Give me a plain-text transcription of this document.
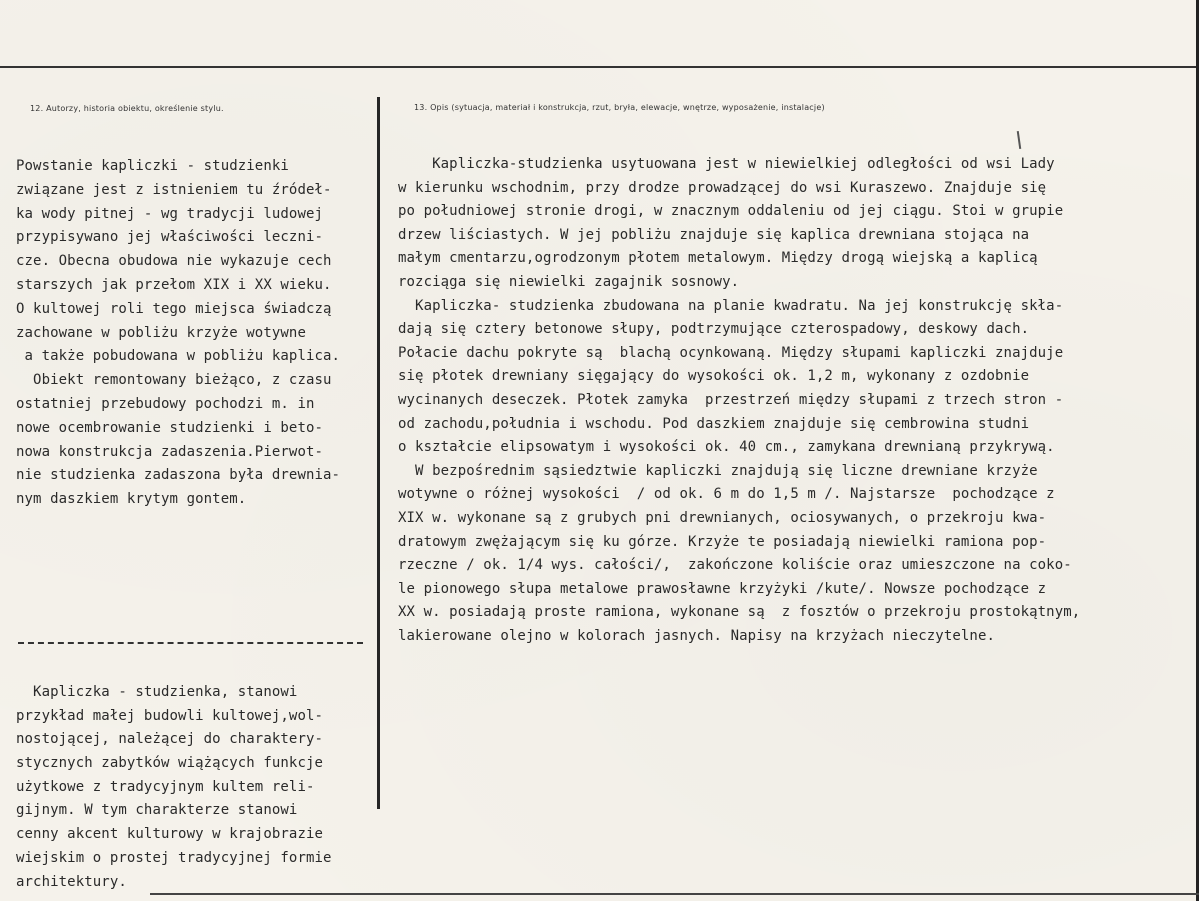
12. Autorzy, historia obiektu, określenie stylu.	13. Opis (sytuacja, materiał i konstrukcja, rzut, bryła, elewacje, wnętrze, wyposażenie, instalacje)
Powstanie kapliczki - studzienki
związane jest z istnieniem tu źródeł-
ka wody pitnej - wg tradycji ludowej
przypisywano jej właściwości leczni-
cze. Obecna obudowa nie wykazuje cech
starszych jak przełom XIX i XX wieku.
O kultowej roli tego miejsca świadczą
zachowane w pobliżu krzyże wotywne
a także pobudowana w pobliżu kaplica.
Obiekt remontowany bieżąco, z czasu
ostatniej przebudowy pochodzi m. in
nowe ocembrowanie studzienki i beto-
nowa konstrukcja zadaszenia.Pierwot-
nie studzienka zadaszona była drewnia-
nym daszkiem krytym gontem.
Kapliczka - studzienka, stanowi
przykład małej budowli kultowej,wol-
nostojącej, należącej do charaktery-
stycznych zabytków wiążących funkcje
użytkowe z tradycyjnym kultem reli-
gijnym. W tym charakterze stanowi
cenny akcent kulturowy w krajobrazie
wiejskim o prostej tradycyjnej formie
architektury.
Kapliczka-studzienka usytuowana jest w niewielkiej odległości od wsi Lady
w kierunku wschodnim, przy drodze prowadzącej do wsi Kuraszewo. Znajduje się
po południowej stronie drogi, w znacznym oddaleniu od jej ciągu. Stoi w grupie
drzew liściastych. W jej pobliżu znajduje się kaplica drewniana stojąca na
małym cmentarzu,ogrodzonym płotem metalowym. Między drogą wiejską a kaplicą
rozciąga się niewielki zagajnik sosnowy.
Kapliczka- studzienka zbudowana na planie kwadratu. Na jej konstrukcję skła-
dają się cztery betonowe słupy, podtrzymujące czterospadowy, deskowy dach.
Połacie dachu pokryte są  blachą ocynkowaną. Między słupami kapliczki znajduje
się płotek drewniany sięgający do wysokości ok. 1,2 m, wykonany z ozdobnie
wycinanych deseczek. Płotek zamyka  przestrzeń między słupami z trzech stron -
od zachodu,południa i wschodu. Pod daszkiem znajduje się cembrowina studni
o kształcie elipsowatym i wysokości ok. 40 cm., zamykana drewnianą przykrywą.
W bezpośrednim sąsiedztwie kapliczki znajdują się liczne drewniane krzyże
wotywne o różnej wysokości  / od ok. 6 m do 1,5 m /. Najstarsze  pochodzące z
XIX w. wykonane są z grubych pni drewnianych, ociosywanych, o przekroju kwa-
dratowym zwężającym się ku górze. Krzyże te posiadają niewielki ramiona pop-
rzeczne / ok. 1/4 wys. całości/,  zakończone koliście oraz umieszczone na coko-
le pionowego słupa metalowe prawosławne krzyżyki /kute/. Nowsze pochodzące z
XX w. posiadają proste ramiona, wykonane są  z fosztów o przekroju prostokątnym,
lakierowane olejno w kolorach jasnych. Napisy na krzyżach nieczytelne.
